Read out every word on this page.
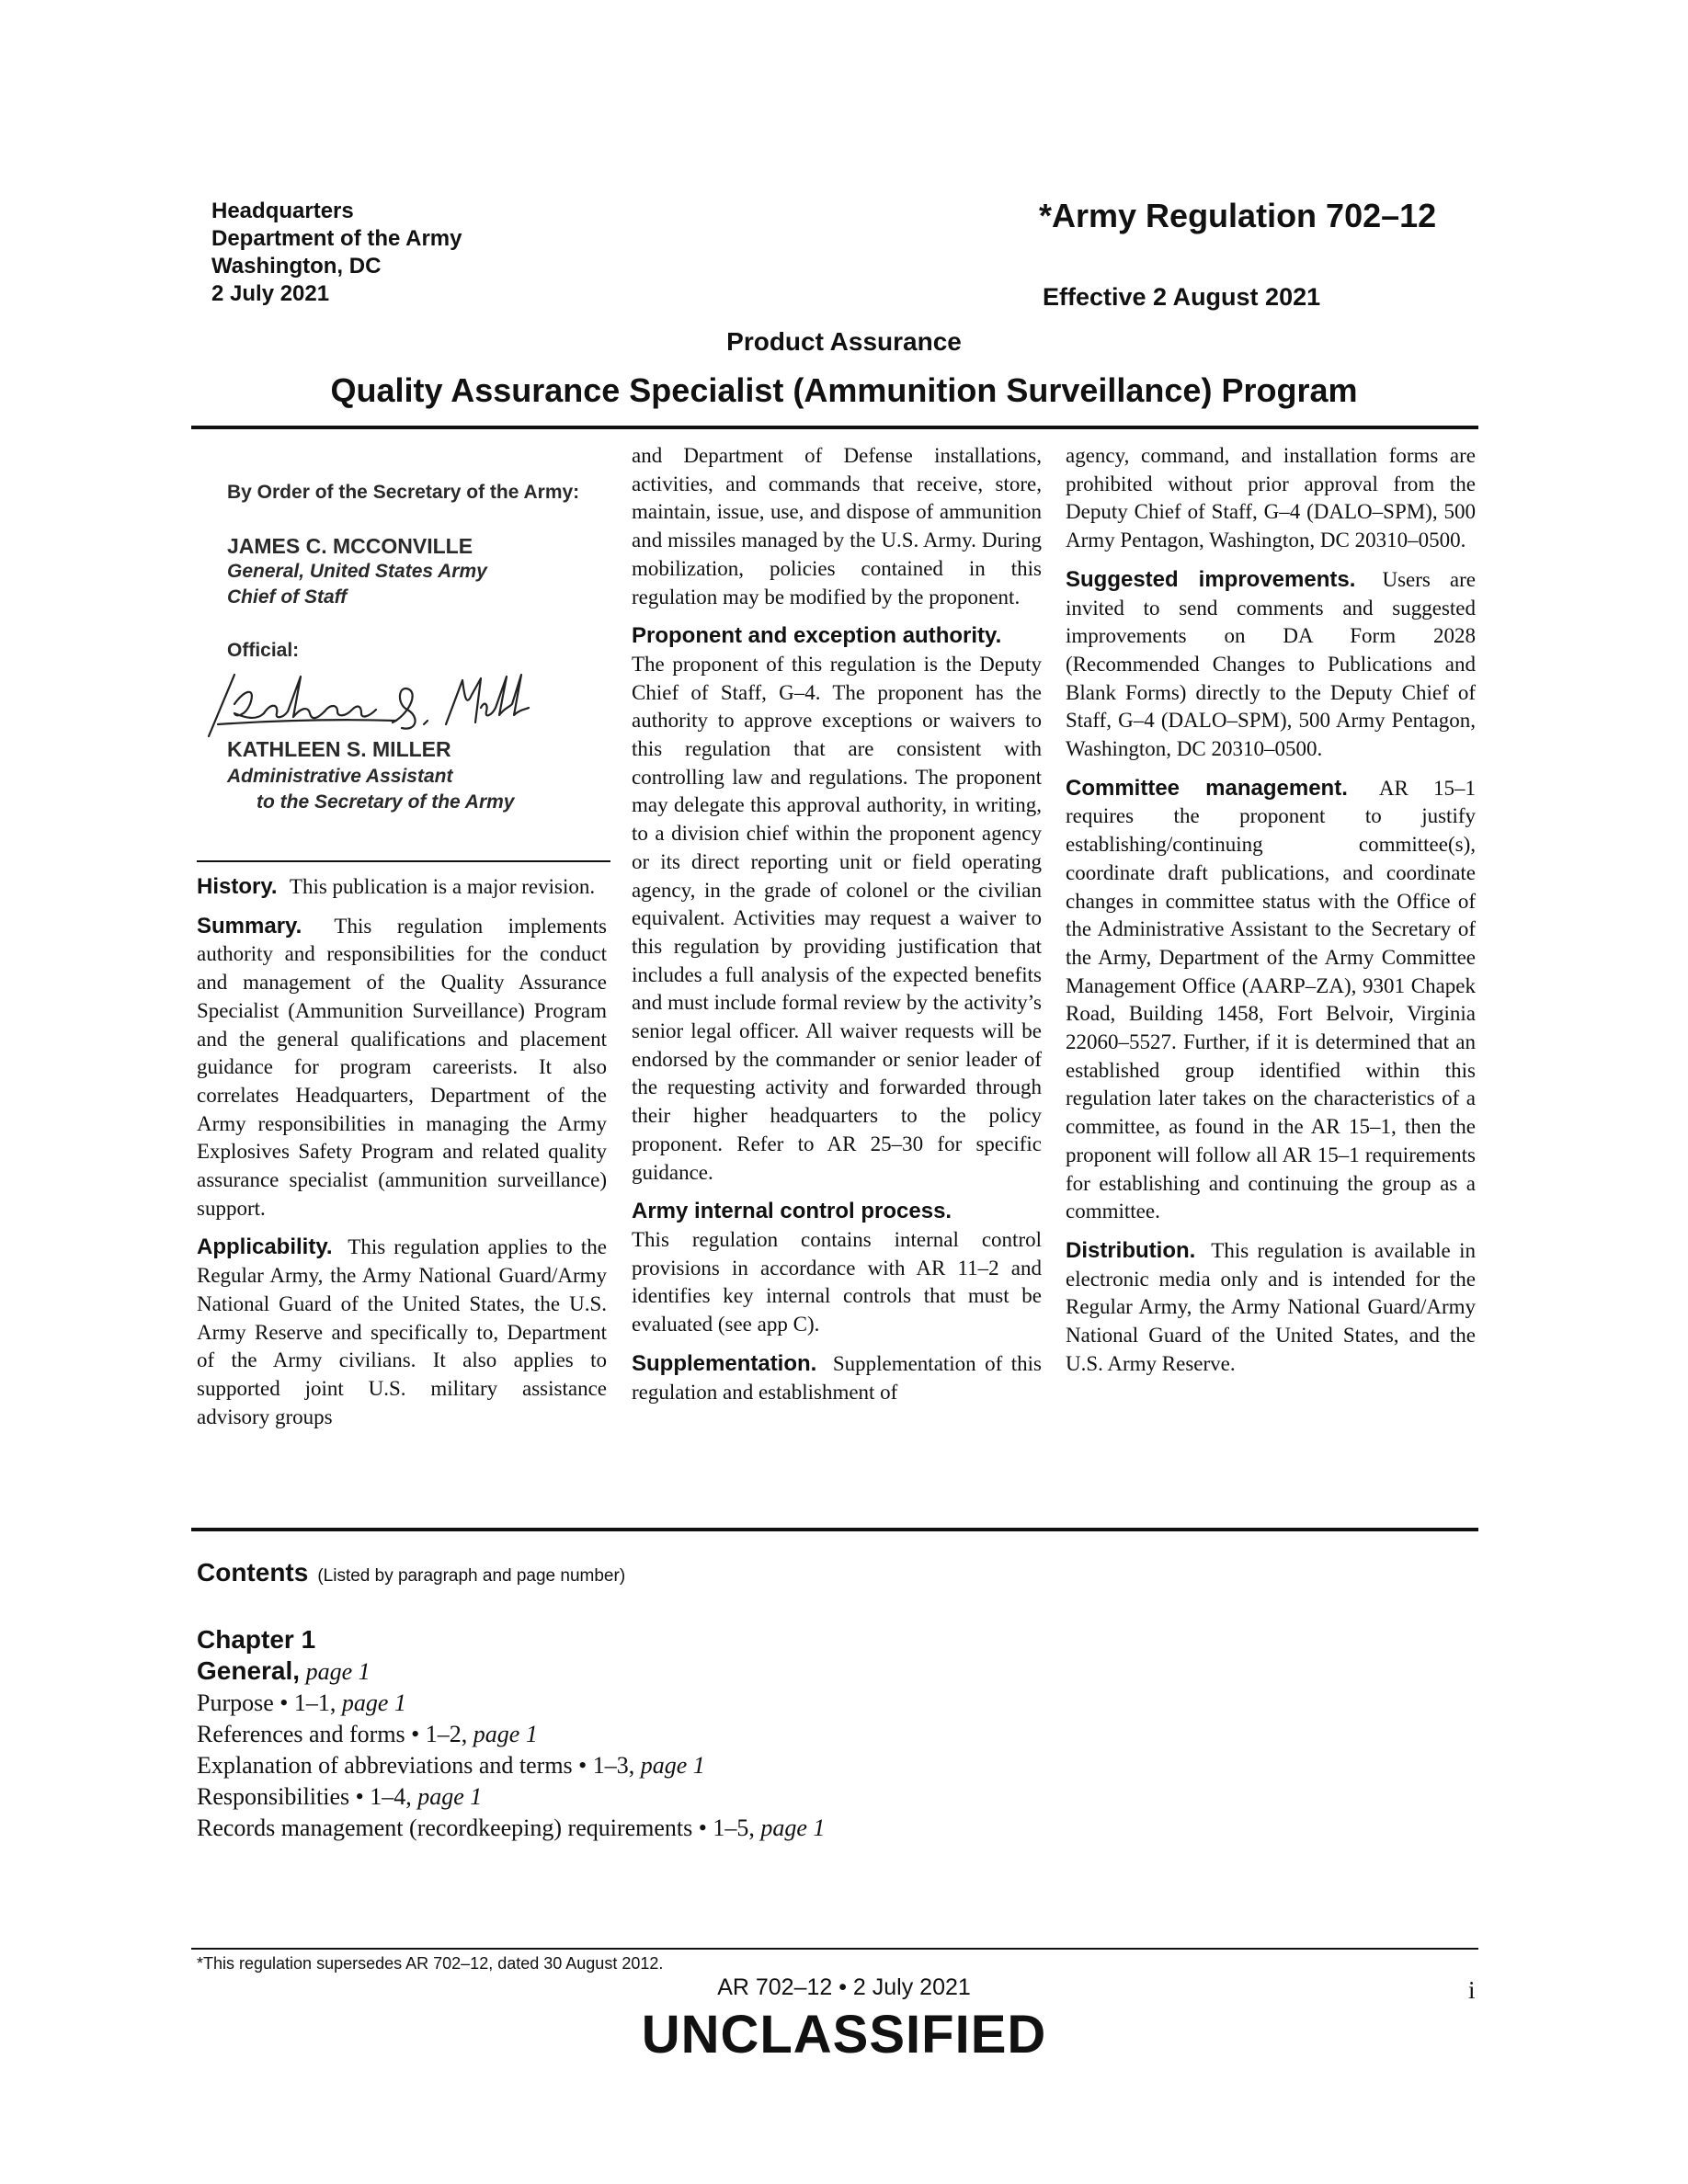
Headquarters
Department of the Army
Washington, DC
2 July 2021
*Army Regulation 702–12
Effective 2 August 2021
Product Assurance
Quality Assurance Specialist (Ammunition Surveillance) Program
By Order of the Secretary of the Army:
JAMES C. MCCONVILLE
General, United States Army
Chief of Staff
Official:
KATHLEEN S. MILLER
Administrative Assistant
to the Secretary of the Army

History. This publication is a major revision.

Summary. This regulation implements authority and responsibilities for the conduct and management of the Quality Assurance Specialist (Ammunition Surveillance) Program and the general qualifications and placement guidance for program careerists. It also correlates Headquarters, Department of the Army responsibilities in managing the Army Explosives Safety Program and related quality assurance specialist (ammunition surveillance) support.

Applicability. This regulation applies to the Regular Army, the Army National Guard/Army National Guard of the United States, the U.S. Army Reserve and specifically to, Department of the Army civilians. It also applies to supported joint U.S. military assistance advisory groups

and Department of Defense installations, activities, and commands that receive, store, maintain, issue, use, and dispose of ammunition and missiles managed by the U.S. Army. During mobilization, policies contained in this regulation may be modified by the proponent.

Proponent and exception authority.
The proponent of this regulation is the Deputy Chief of Staff, G–4. The proponent has the authority to approve exceptions or waivers to this regulation that are consistent with controlling law and regulations. The proponent may delegate this approval authority, in writing, to a division chief within the proponent agency or its direct reporting unit or field operating agency, in the grade of colonel or the civilian equivalent. Activities may request a waiver to this regulation by providing justification that includes a full analysis of the expected benefits and must include formal review by the activity’s senior legal officer. All waiver requests will be endorsed by the commander or senior leader of the requesting activity and forwarded through their higher headquarters to the policy proponent. Refer to AR 25–30 for specific guidance.

Army internal control process.
This regulation contains internal control provisions in accordance with AR 11–2 and identifies key internal controls that must be evaluated (see app C).

Supplementation. Supplementation of this regulation and establishment of

agency, command, and installation forms are prohibited without prior approval from the Deputy Chief of Staff, G–4 (DALO–SPM), 500 Army Pentagon, Washington, DC 20310–0500.

Suggested improvements. Users are invited to send comments and suggested improvements on DA Form 2028 (Recommended Changes to Publications and Blank Forms) directly to the Deputy Chief of Staff, G–4 (DALO–SPM), 500 Army Pentagon, Washington, DC 20310–0500.

Committee management. AR 15–1 requires the proponent to justify establishing/continuing committee(s), coordinate draft publications, and coordinate changes in committee status with the Office of the Administrative Assistant to the Secretary of the Army, Department of the Army Committee Management Office (AARP–ZA), 9301 Chapek Road, Building 1458, Fort Belvoir, Virginia 22060–5527. Further, if it is determined that an established group identified within this regulation later takes on the characteristics of a committee, as found in the AR 15–1, then the proponent will follow all AR 15–1 requirements for establishing and continuing the group as a committee.

Distribution. This regulation is available in electronic media only and is intended for the Regular Army, the Army National Guard/Army National Guard of the United States, and the U.S. Army Reserve.

Contents (Listed by paragraph and page number)
Chapter 1
General, page 1
Purpose • 1–1, page 1
References and forms • 1–2, page 1
Explanation of abbreviations and terms • 1–3, page 1
Responsibilities • 1–4, page 1
Records management (recordkeeping) requirements • 1–5, page 1
*This regulation supersedes AR 702–12, dated 30 August 2012.
AR 702–12 • 2 July 2021	i
UNCLASSIFIED
